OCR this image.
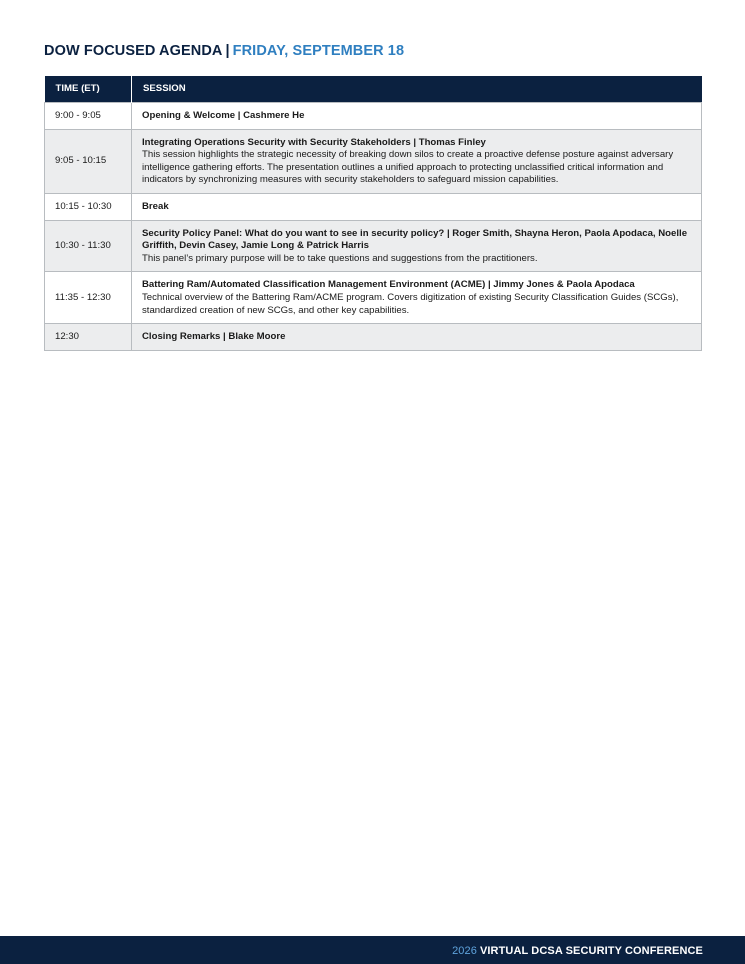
DOW FOCUSED AGENDA | FRIDAY, SEPTEMBER 18
TIME (ET)	SESSION
9:00 - 9:05	Opening & Welcome | Cashmere He

9:05 - 10:15	Integrating Operations Security with Security Stakeholders | Thomas Finley
This session highlights the strategic necessity of breaking down silos to create a proactive defense posture against adversary intelligence gathering efforts. The presentation outlines a unified approach to protecting unclassified critical information and indicators by synchronizing measures with security stakeholders to safeguard mission capabilities.

10:15 - 10:30	Break

10:30 - 11:30	Security Policy Panel: What do you want to see in security policy? | Roger Smith, Shayna Heron, Paola Apodaca, Noelle Griffith, Devin Casey, Jamie Long & Patrick Harris
This panel’s primary purpose will be to take questions and suggestions from the practitioners.

11:35 - 12:30	Battering Ram/Automated Classification Management Environment (ACME) | Jimmy Jones & Paola Apodaca
Technical overview of the Battering Ram/ACME program. Covers digitization of existing Security Classification Guides (SCGs), standardized creation of new SCGs, and other key capabilities.

12:30	Closing Remarks | Blake Moore
2026 VIRTUAL DCSA SECURITY CONFERENCE
